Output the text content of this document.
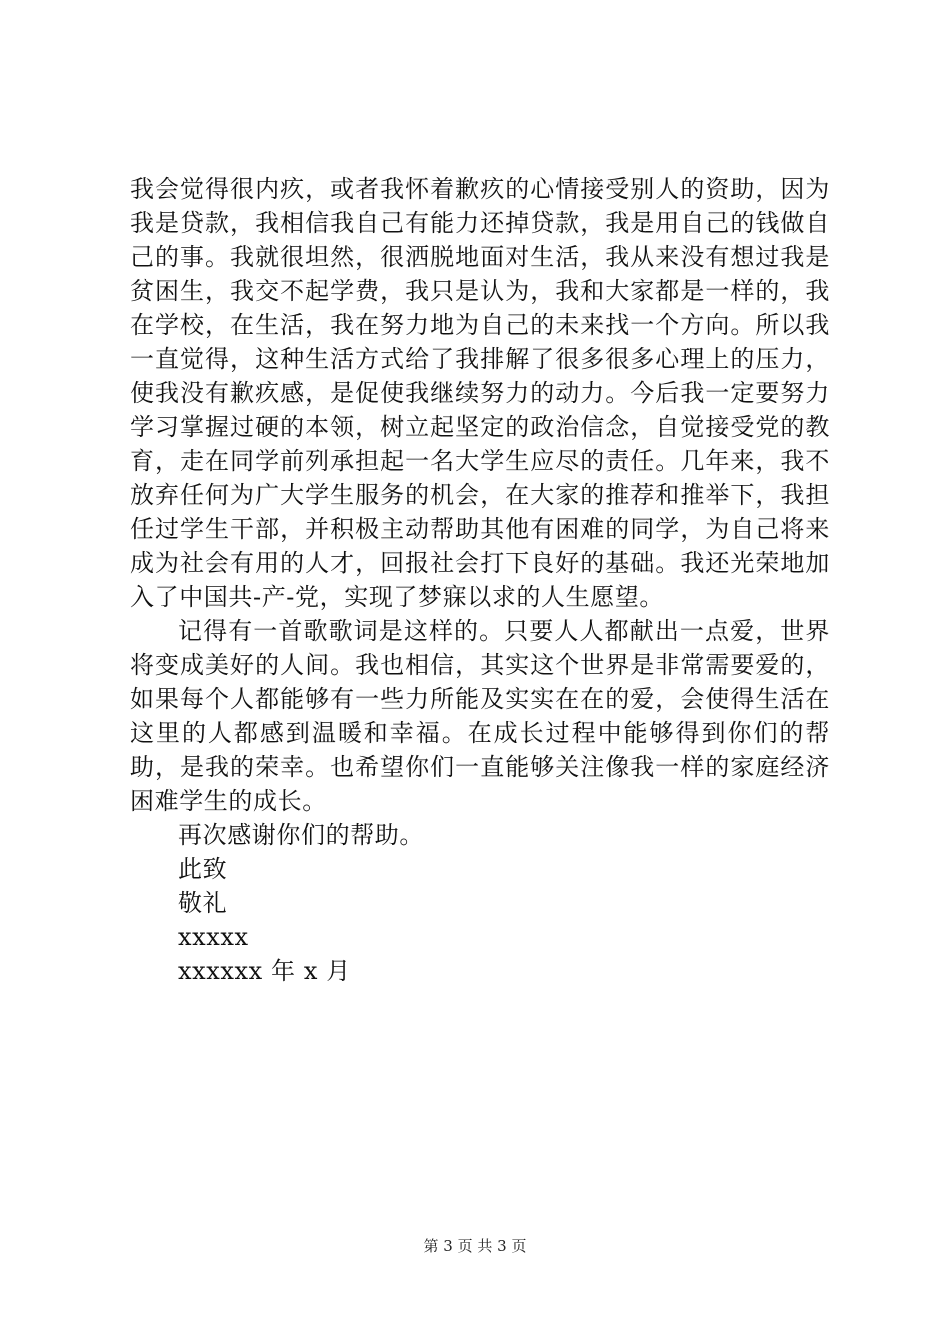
我会觉得很内疚，或者我怀着歉疚的心情接受别人的资助，因为我是贷款，我相信我自己有能力还掉贷款，我是用自己的钱做自己的事。我就很坦然，很洒脱地面对生活，我从来没有想过我是贫困生，我交不起学费，我只是认为，我和大家都是一样的，我在学校，在生活，我在努力地为自己的未来找一个方向。所以我一直觉得，这种生活方式给了我排解了很多很多心理上的压力，使我没有歉疚感，是促使我继续努力的动力。今后我一定要努力学习掌握过硬的本领，树立起坚定的政治信念，自觉接受党的教育，走在同学前列承担起一名大学生应尽的责任。几年来，我不放弃任何为广大学生服务的机会，在大家的推荐和推举下，我担任过学生干部，并积极主动帮助其他有困难的同学，为自己将来成为社会有用的人才，回报社会打下良好的基础。我还光荣地加入了中国共-产-党，实现了梦寐以求的人生愿望。

记得有一首歌歌词是这样的。只要人人都献出一点爱，世界将变成美好的人间。我也相信，其实这个世界是非常需要爱的，如果每个人都能够有一些力所能及实实在在的爱，会使得生活在这里的人都感到温暖和幸福。在成长过程中能够得到你们的帮助，是我的荣幸。也希望你们一直能够关注像我一样的家庭经济困难学生的成长。

再次感谢你们的帮助。

此致

敬礼

xxxxx

xxxxxx 年 x 月

第 3 页 共 3 页
